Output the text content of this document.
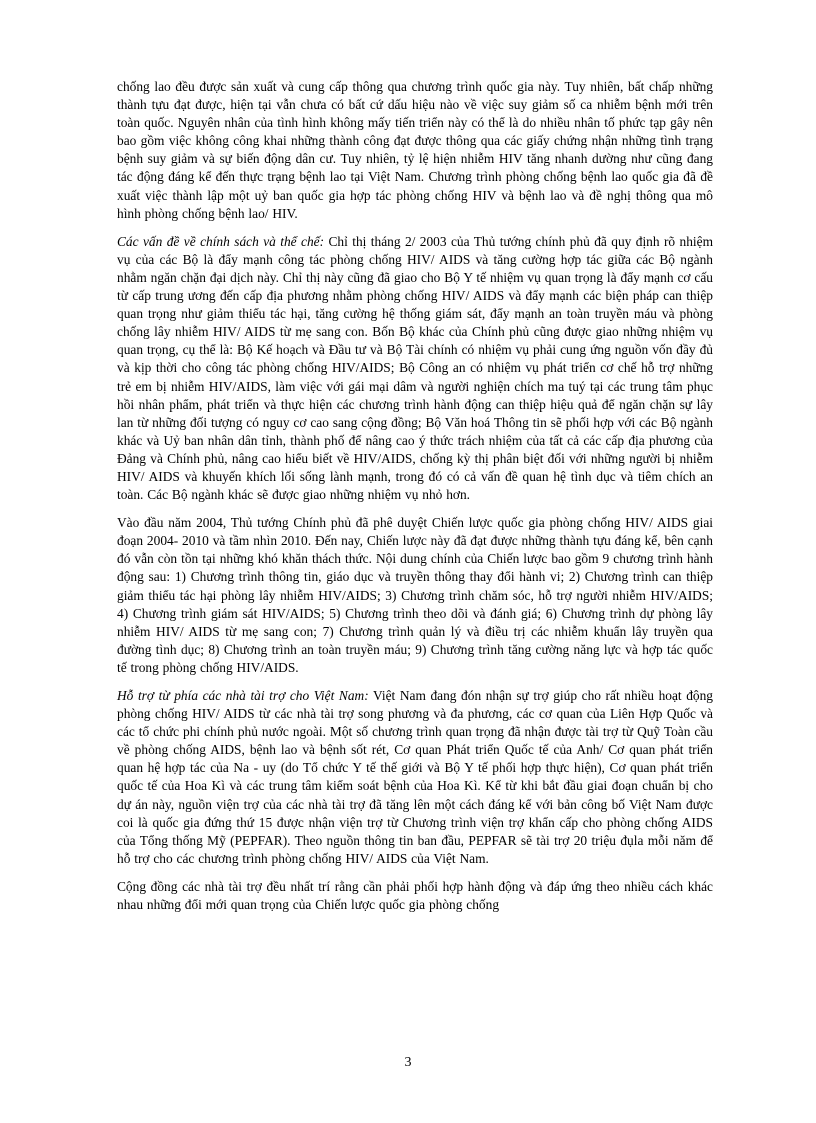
chống lao đều được sản xuất và cung cấp thông qua chương trình quốc gia này. Tuy nhiên, bất chấp những thành tựu đạt được, hiện tại vẫn chưa có bất cứ dấu hiệu nào về việc suy giảm số ca nhiễm bệnh mới trên toàn quốc. Nguyên nhân của tình hình không mấy tiến triển này có thể là do nhiều nhân tố phức tạp gây nên bao gồm việc không công khai những thành công đạt được thông qua các giấy chứng nhận những tình trạng bệnh suy giảm và sự biến động dân cư. Tuy nhiên, tỷ lệ hiện nhiễm HIV tăng nhanh dường như cũng đang tác động đáng kể đến thực trạng bệnh lao tại Việt Nam. Chương trình phòng chống bệnh lao quốc gia đã đề xuất việc thành lập một uỷ ban quốc gia hợp tác phòng chống HIV và bệnh lao và đề nghị thông qua mô hình phòng chống bệnh lao/ HIV.

Các vấn đề về chính sách và thể chế: Chỉ thị tháng 2/ 2003 của Thủ tướng chính phủ đã quy định rõ nhiệm vụ của các Bộ là đẩy mạnh công tác phòng chống HIV/ AIDS và tăng cường hợp tác giữa các Bộ ngành nhằm ngăn chặn đại dịch này. Chỉ thị này cũng đã giao cho Bộ Y tế nhiệm vụ quan trọng là đẩy mạnh cơ cấu từ cấp trung ương đến cấp địa phương nhằm phòng chống HIV/ AIDS và đẩy mạnh các biện pháp can thiệp quan trọng như giảm thiểu tác hại, tăng cường hệ thống giám sát, đẩy mạnh an toàn truyền máu và phòng chống lây nhiễm HIV/ AIDS từ mẹ sang con. Bốn Bộ khác của Chính phủ cũng được giao những nhiệm vụ quan trọng, cụ thể là: Bộ Kế hoạch và Đầu tư và Bộ Tài chính có nhiệm vụ phải cung ứng nguồn vốn đầy đủ và kịp thời cho công tác phòng chống HIV/AIDS; Bộ Công an có nhiệm vụ phát triển cơ chế hỗ trợ những trẻ em bị nhiễm HIV/AIDS, làm việc với gái mại dâm và người nghiện chích ma tuý tại các trung tâm phục hồi nhân phẩm, phát triển và thực hiện các chương trình hành động can thiệp hiệu quả để ngăn chặn sự lây lan từ những đối tượng có nguy cơ cao sang cộng đồng; Bộ Văn hoá Thông tin sẽ phối hợp với các Bộ ngành khác và Uỷ ban nhân dân tỉnh, thành phố để nâng cao ý thức trách nhiệm của tất cả các cấp địa phương của Đảng và Chính phủ, nâng cao hiểu biết về HIV/AIDS, chống kỳ thị phân biệt đối với những người bị nhiễm HIV/ AIDS và khuyến khích lối sống lành mạnh, trong đó có cả vấn đề quan hệ tình dục và tiêm chích an toàn. Các Bộ ngành khác sẽ được giao những nhiệm vụ nhỏ hơn.

Vào đầu năm 2004, Thủ tướng Chính phủ đã phê duyệt Chiến lược quốc gia phòng chống HIV/ AIDS giai đoạn 2004- 2010 và tầm nhìn 2010. Đến nay, Chiến lược này đã đạt được những thành tựu đáng kể, bên cạnh đó vẫn còn tồn tại những khó khăn thách thức. Nội dung chính của Chiến lược bao gồm 9 chương trình hành động sau: 1) Chương trình thông tin, giáo dục và truyền thông thay đổi hành vi; 2) Chương trình can thiệp giảm thiểu tác hại phòng lây nhiễm HIV/AIDS; 3) Chương trình chăm sóc, hỗ trợ người nhiễm HIV/AIDS; 4) Chương trình giám sát HIV/AIDS; 5) Chương trình theo dõi và đánh giá; 6) Chương trình dự phòng lây nhiễm HIV/ AIDS từ mẹ sang con; 7) Chương trình quản lý và điều trị các nhiễm khuẩn lây truyền qua đường tình dục; 8) Chương trình an toàn truyền máu; 9) Chương trình tăng cường năng lực và hợp tác quốc tế trong phòng chống HIV/AIDS.

Hỗ trợ từ phía các nhà tài trợ cho Việt Nam: Việt Nam đang đón nhận sự trợ giúp cho rất nhiều hoạt động phòng chống HIV/ AIDS từ các nhà tài trợ song phương và đa phương, các cơ quan của Liên Hợp Quốc và các tổ chức phi chính phủ nước ngoài. Một số chương trình quan trọng đã nhận được tài trợ từ Quỹ Toàn cầu về phòng chống AIDS, bệnh lao và bệnh sốt rét, Cơ quan Phát triển Quốc tế của Anh/ Cơ quan phát triển quan hệ hợp tác của Na - uy (do Tổ chức Y tế thế giới và Bộ Y tế phối hợp thực hiện), Cơ quan phát triển quốc tế của Hoa Kì và các trung tâm kiểm soát bệnh của Hoa Kì. Kể từ khi bắt đầu giai đoạn chuẩn bị cho dự án này, nguồn viện trợ của các nhà tài trợ đã tăng lên một cách đáng kể với bản công bố Việt Nam được coi là quốc gia đứng thứ 15 được nhận viện trợ từ Chương trình viện trợ khẩn cấp cho phòng chống AIDS của Tổng thống Mỹ (PEPFAR). Theo nguồn thông tin ban đầu, PEPFAR sẽ tài trợ 20 triệu đụla mỗi năm để hỗ trợ cho các chương trình phòng chống HIV/ AIDS của Việt Nam.

Cộng đồng các nhà tài trợ đều nhất trí rằng cần phải phối hợp hành động và đáp ứng theo nhiều cách khác nhau những đổi mới quan trọng của Chiến lược quốc gia phòng chống

3
